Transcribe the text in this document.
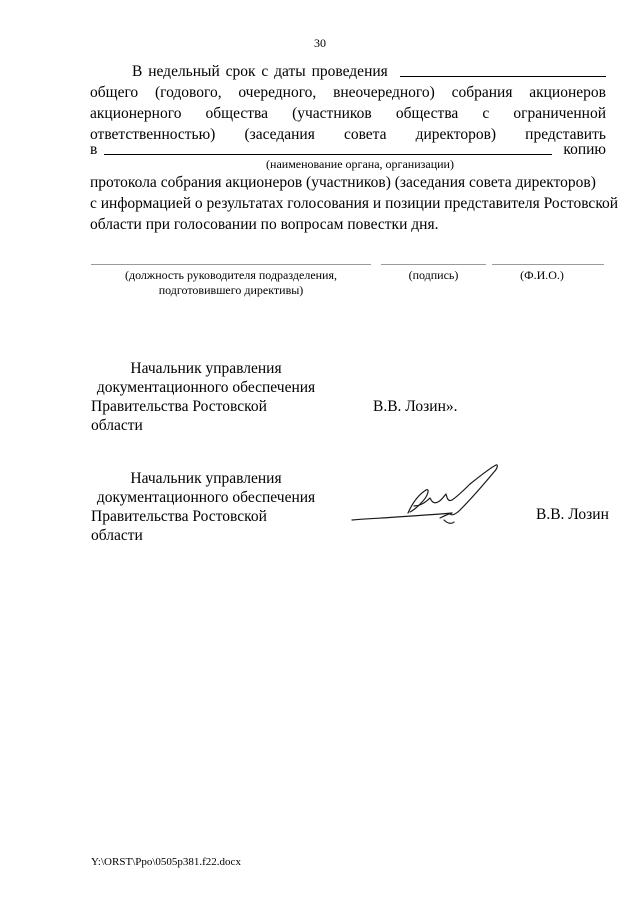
30
В недельный срок с даты проведения
общего (годового, очередного, внеочередного) собрания акционеров
акционерного общества (участников общества с ограниченной
ответственностью) (заседания совета директоров) представить
в	копию
(наименование органа, организации)
протокола собрания акционеров (участников) (заседания совета директоров)
с информацией о результатах голосования и позиции представителя Ростовской
области при голосовании по вопросам повестки дня.
(должность руководителя подразделения,
подготовившего директивы)
(подпись)	(Ф.И.О.)
Начальник управления
документационного обеспечения
Правительства Ростовской области
В.В. Лозин».
Начальник управления
документационного обеспечения
Правительства Ростовской области
В.В. Лозин
Y:\ORST\Ppo\0505p381.f22.docx
